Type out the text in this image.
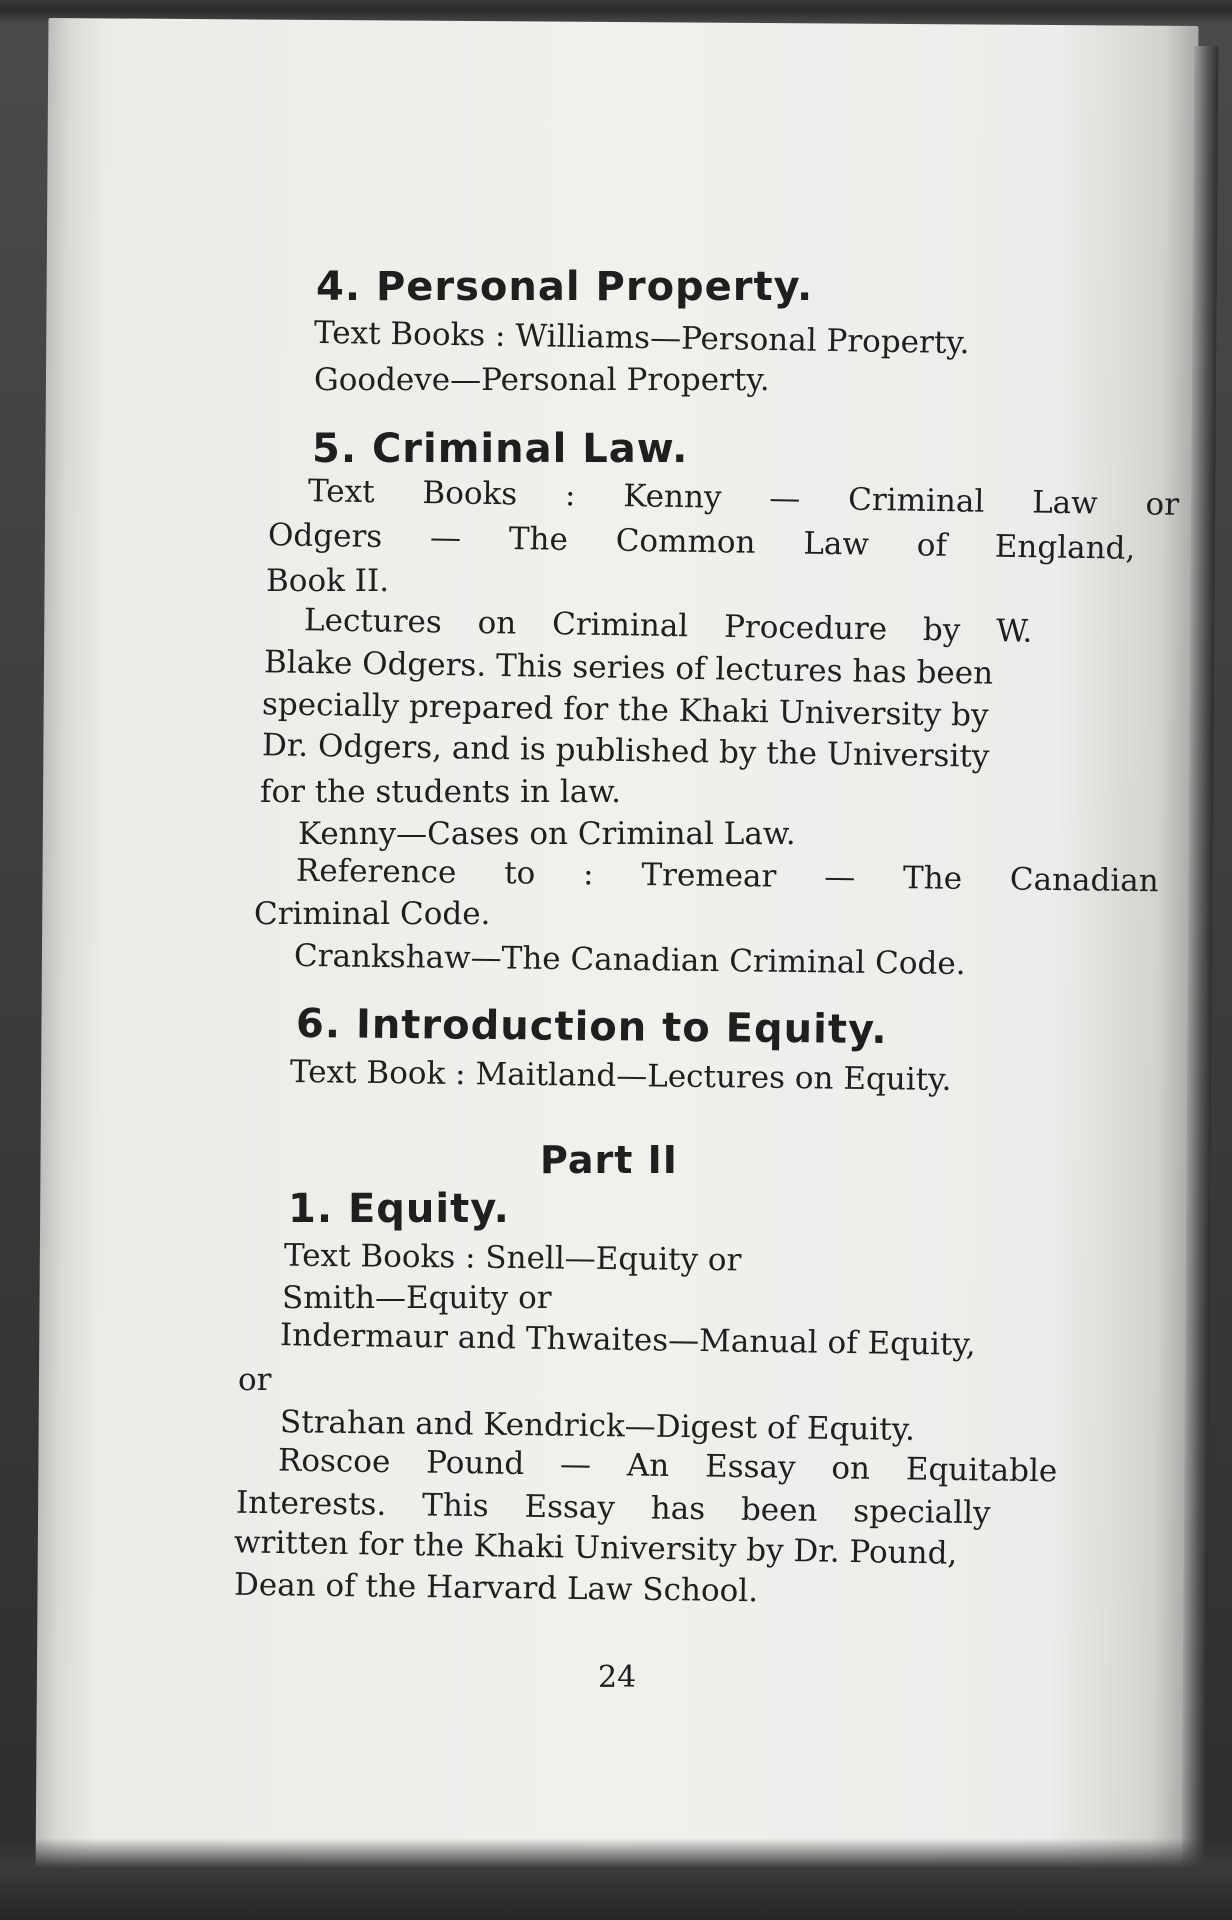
4. Personal Property.

Text Books : Williams—Personal Property.

Goodeve—Personal Property.

5. Criminal Law.

Text Books : Kenny — Criminal Law or

Odgers — The Common Law of England,

Book II.

Lectures on Criminal Procedure by W.

Blake Odgers. This series of lectures has been

specially prepared for the Khaki University by

Dr. Odgers, and is published by the University

for the students in law.

Kenny—Cases on Criminal Law.

Reference to : Tremear — The Canadian

Criminal Code.

Crankshaw—The Canadian Criminal Code.

6. Introduction to Equity.

Text Book : Maitland—Lectures on Equity.

Part II
1. Equity.

Text Books : Snell—Equity or

Smith—Equity or

Indermaur and Thwaites—Manual of Equity,

or

Strahan and Kendrick—Digest of Equity.

Roscoe Pound — An Essay on Equitable

Interests. This Essay has been specially

written for the Khaki University by Dr. Pound,

Dean of the Harvard Law School.

24
